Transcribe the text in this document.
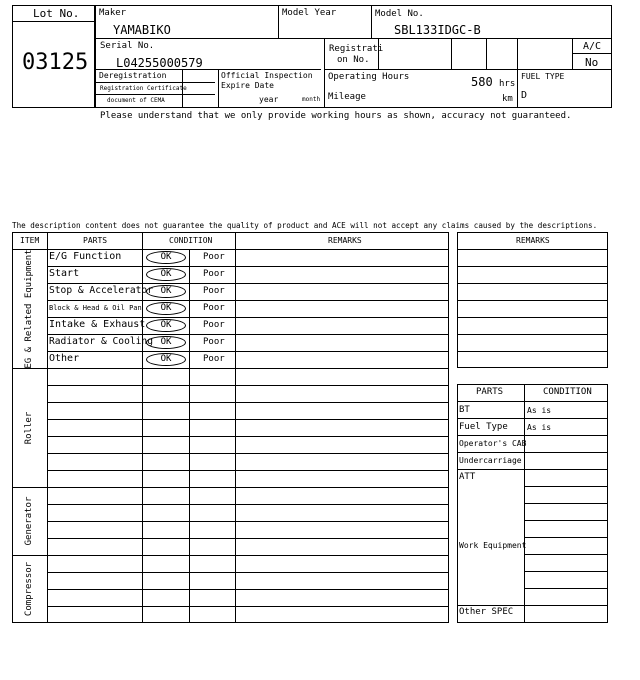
Lot No.
03125
Maker
YAMABIKO
Model Year	Model No.
SBL133IDGC-B
Serial No.
L04255000579
Registrati
on No.
A/C
No
Deregistration
Registration Certificate
document of CEMA
Official Inspection
Expire Date
year	month
Operating Hours	580 hrs
Mileage	km
FUEL TYPE
D
Please understand that we only provide working hours as shown, accuracy not guaranteed.
The description content does not guarantee the quality of product and ACE will not accept any claims caused by the descriptions.
ITEM	PARTS	CONDITION	REMARKS
EG & Related Equipment
Roller
Generator
Compressor
E/G Function	OK	Poor
Start	OK	Poor
Stop & Accelerator OK	Poor
Block & Head & Oil Pan	OK	Poor
Intake & Exhaust	OK	Poor
Radiator & Cooling OK	Poor
Other	OK	Poor
REMARKS
PARTS	CONDITION
BT	As is
Fuel Type As is
Operator's CAB
Undercarriage
ATT
Work Equipment
Other SPEC
